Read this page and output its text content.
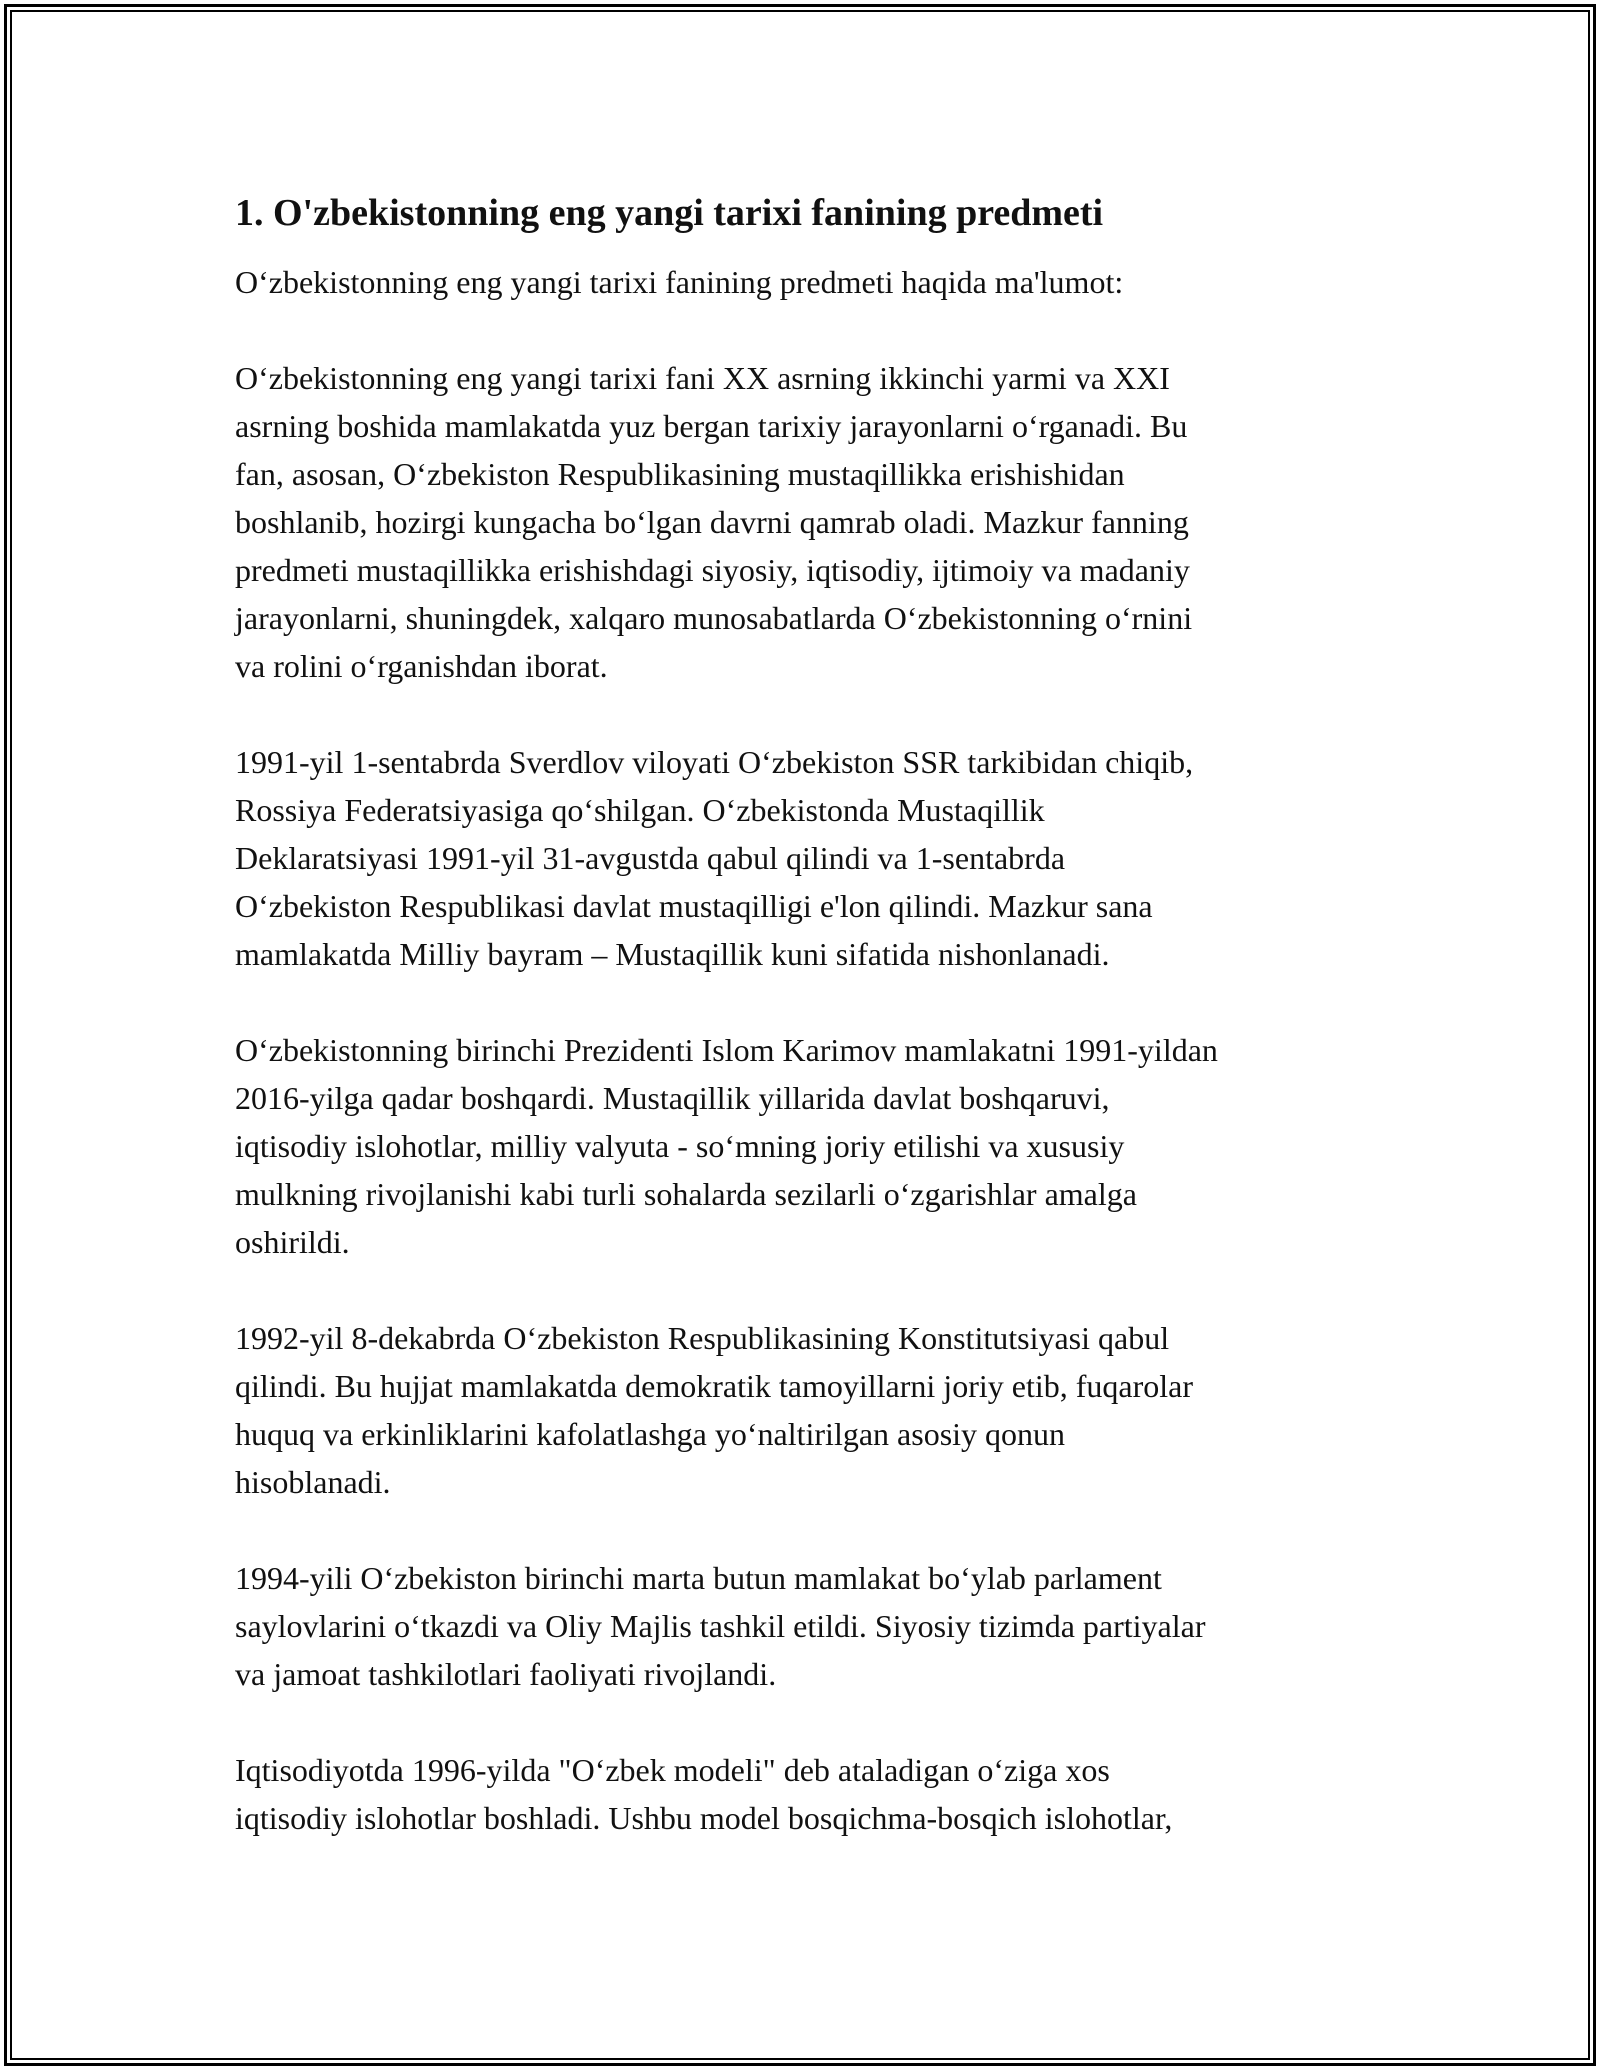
1. O'zbekistonning eng yangi tarixi fanining predmeti

O‘zbekistonning eng yangi tarixi fanining predmeti haqida ma'lumot:

O‘zbekistonning eng yangi tarixi fani XX asrning ikkinchi yarmi va XXI
asrning boshida mamlakatda yuz bergan tarixiy jarayonlarni o‘rganadi. Bu
fan, asosan, O‘zbekiston Respublikasining mustaqillikka erishishidan
boshlanib, hozirgi kungacha bo‘lgan davrni qamrab oladi. Mazkur fanning
predmeti mustaqillikka erishishdagi siyosiy, iqtisodiy, ijtimoiy va madaniy
jarayonlarni, shuningdek, xalqaro munosabatlarda O‘zbekistonning o‘rnini
va rolini o‘rganishdan iborat.

1991-yil 1-sentabrda Sverdlov viloyati O‘zbekiston SSR tarkibidan chiqib,
Rossiya Federatsiyasiga qo‘shilgan. O‘zbekistonda Mustaqillik
Deklaratsiyasi 1991-yil 31-avgustda qabul qilindi va 1-sentabrda
O‘zbekiston Respublikasi davlat mustaqilligi e'lon qilindi. Mazkur sana
mamlakatda Milliy bayram – Mustaqillik kuni sifatida nishonlanadi.

O‘zbekistonning birinchi Prezidenti Islom Karimov mamlakatni 1991-yildan
2016-yilga qadar boshqardi. Mustaqillik yillarida davlat boshqaruvi,
iqtisodiy islohotlar, milliy valyuta - so‘mning joriy etilishi va xususiy
mulkning rivojlanishi kabi turli sohalarda sezilarli o‘zgarishlar amalga
oshirildi.

1992-yil 8-dekabrda O‘zbekiston Respublikasining Konstitutsiyasi qabul
qilindi. Bu hujjat mamlakatda demokratik tamoyillarni joriy etib, fuqarolar
huquq va erkinliklarini kafolatlashga yo‘naltirilgan asosiy qonun
hisoblanadi.

1994-yili O‘zbekiston birinchi marta butun mamlakat bo‘ylab parlament
saylovlarini o‘tkazdi va Oliy Majlis tashkil etildi. Siyosiy tizimda partiyalar
va jamoat tashkilotlari faoliyati rivojlandi.

Iqtisodiyotda 1996-yilda "O‘zbek modeli" deb ataladigan o‘ziga xos
iqtisodiy islohotlar boshladi. Ushbu model bosqichma-bosqich islohotlar,
